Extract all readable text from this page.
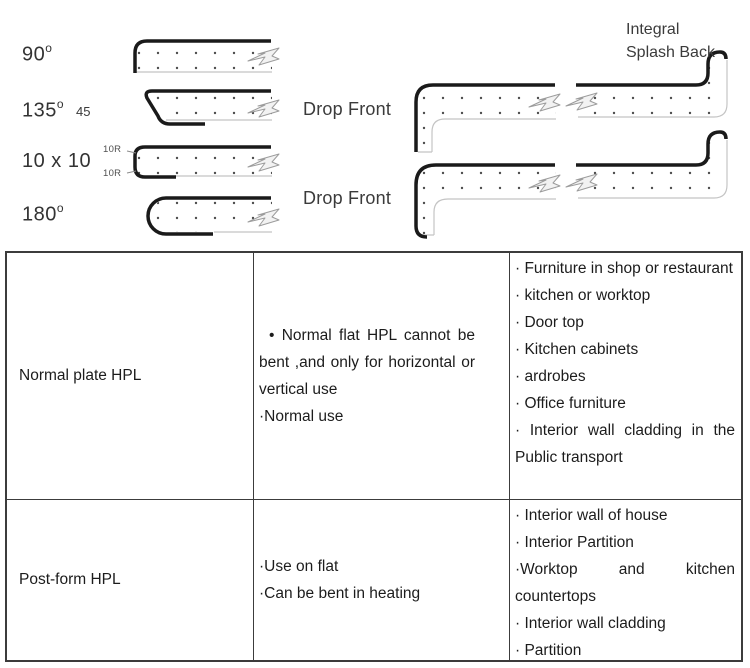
90$^o$
135$^o$ 45
10 x 10
10R
10R
180$^o$
Drop Front
Drop Front
Integral Splash Back
Normal plate HPL

• Normal flat HPL cannot be bent ,and only for horizontal or vertical use

·Normal use

· Furniture in shop or restaurant

· kitchen or worktop

· Door top

· Kitchen cabinets

· ardrobes

· Office furniture

· Interior wall cladding in the Public transport

Post-form HPL

·Use on flat

·Can be bent in heating

· Interior wall of house

· Interior Partition

·Worktop and kitchen countertops

· Interior wall cladding

· Partition
